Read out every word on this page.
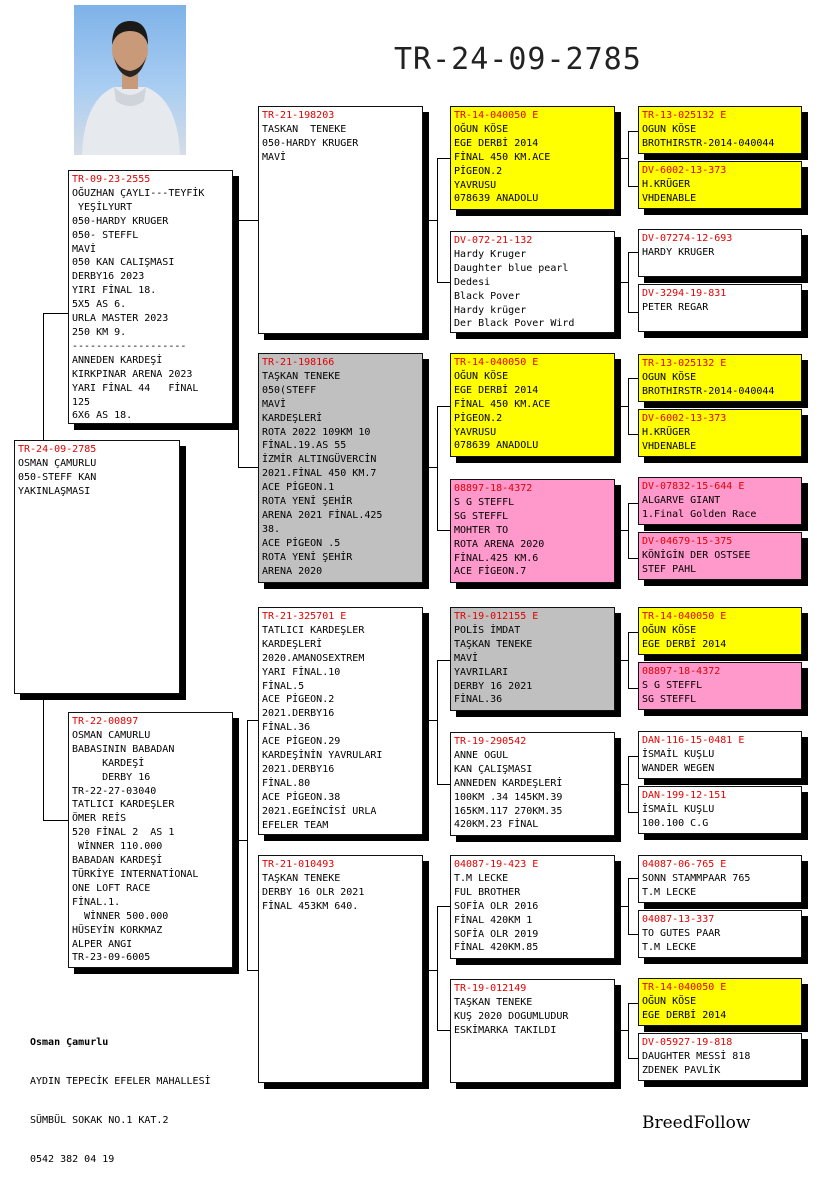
TR-24-09-2785
TR-24-09-2785
OSMAN ÇAMURLU
050-STEFF KAN
YAKINLAŞMASI
TR-09-23-2555
OĞUZHAN ÇAYLI---TEYFİK
YEŞİLYURT
050-HARDY KRUGER
050- STEFFL
MAVİ
050 KAN CALIŞMASI
DERBY16 2023
YIRI FİNAL 18.
5X5 AS 6.
URLA MASTER 2023
250 KM 9.
-------------------
ANNEDEN KARDEŞİ
KIRKPINAR ARENA 2023
YARI FİNAL 44   FİNAL
125
6X6 AS 18.
TR-22-00897
OSMAN CAMURLU
BABASININ BABADAN
KARDEŞİ
DERBY 16
TR-22-27-03040
TATLICI KARDEŞLER
ÖMER REİS
520 FİNAL 2  AS 1
WİNNER 110.000
BABADAN KARDEŞİ
TÜRKİYE INTERNATİONAL
ONE LOFT RACE
FİNAL.1.
WİNNER 500.000
HÜSEYİN KORKMAZ
ALPER ANGI
TR-23-09-6005
TR-21-198203
TASKAN  TENEKE
050-HARDY KRUGER
MAVİ
TR-21-198166
TAŞKAN TENEKE
050(STEFF
MAVİ
KARDEŞLERİ
ROTA 2022 109KM 10
FİNAL.19.AS 55
İZMİR ALTINGÜVERCİN
2021.FİNAL 450 KM.7
ACE PİGEON.1
ROTA YENİ ŞEHİR
ARENA 2021 FİNAL.425
38.
ACE PİGEON .5
ROTA YENİ ŞEHİR
ARENA 2020
TR-21-325701 E
TATLICI KARDEŞLER
KARDEŞLERİ
2020.AMANOSEXTREM
YARI FİNAL.10
FİNAL.5
ACE PİGEON.2
2021.DERBY16
FİNAL.36
ACE PİGEON.29
KARDEŞİNİN YAVRULARI
2021.DERBY16
FİNAL.80
ACE PİGEON.38
2021.EGEİNCİSİ URLA
EFELER TEAM
TR-21-010493
TAŞKAN TENEKE
DERBY 16 OLR 2021
FİNAL 453KM 640.
TR-14-040050 E
OĞUN KÖSE
EGE DERBİ 2014
FİNAL 450 KM.ACE
PİGEON.2
YAVRUSU
078639 ANADOLU
DV-072-21-132
Hardy Kruger
Daughter blue pearl
Dedesi
Black Pover
Hardy krüger
Der Black Pover Wird
TR-14-040050 E
OĞUN KÖSE
EGE DERBİ 2014
FİNAL 450 KM.ACE
PİGEON.2
YAVRUSU
078639 ANADOLU
08897-18-4372
S G STEFFL
SG STEFFL
MOHTER TO
ROTA ARENA 2020
FİNAL.425 KM.6
ACE FİGEON.7
TR-19-012155 E
POLİS İMDAT
TAŞKAN TENEKE
MAVİ
YAVRILARI
DERBY 16 2021
FİNAL.36
TR-19-290542
ANNE OGUL
KAN ÇALIŞMASI
ANNEDEN KARDEŞLERİ
100KM .34 145KM.39
165KM.117 270KM.35
420KM.23 FİNAL
04087-19-423 E
T.M LECKE
FUL BROTHER
SOFİA OLR 2016
FİNAL 420KM 1
SOFİA OLR 2019
FİNAL 420KM.85
TR-19-012149
TAŞKAN TENEKE
KUŞ 2020 DOGUMLUDUR
ESKİMARKA TAKILDI
TR-13-025132 E
OGUN KÖSE
BROTHIRSTR-2014-040044
DV-6002-13-373
H.KRÜGER
VHDENABLE
DV-07274-12-693
HARDY KRUGER
DV-3294-19-831
PETER REGAR
TR-13-025132 E
OGUN KÖSE
BROTHIRSTR-2014-040044
DV-6002-13-373
H.KRÜGER
VHDENABLE
DV-07832-15-644 E
ALGARVE GIANT
1.Final Golden Race
DV-04679-15-375
KÖNİGİN DER OSTSEE
STEF PAHL
TR-14-040050 E
OĞUN KÖSE
EGE DERBİ 2014
08897-18-4372
S G STEFFL
SG STEFFL
DAN-116-15-0481 E
İSMAİL KUŞLU
WANDER WEGEN
DAN-199-12-151
İSMAİL KUŞLU
100.100 C.G
04087-06-765 E
SONN STAMMPAAR 765
T.M LECKE
04087-13-337
TO GUTES PAAR
T.M LECKE
TR-14-040050 E
OĞUN KÖSE
EGE DERBİ 2014
DV-05927-19-818
DAUGHTER MESSİ 818
ZDENEK PAVLİK

Osman Çamurlu

AYDIN TEPECİK EFELER MAHALLESİ

SÜMBÜL SOKAK NO.1 KAT.2

0542 382 04 19

BreedFollow
